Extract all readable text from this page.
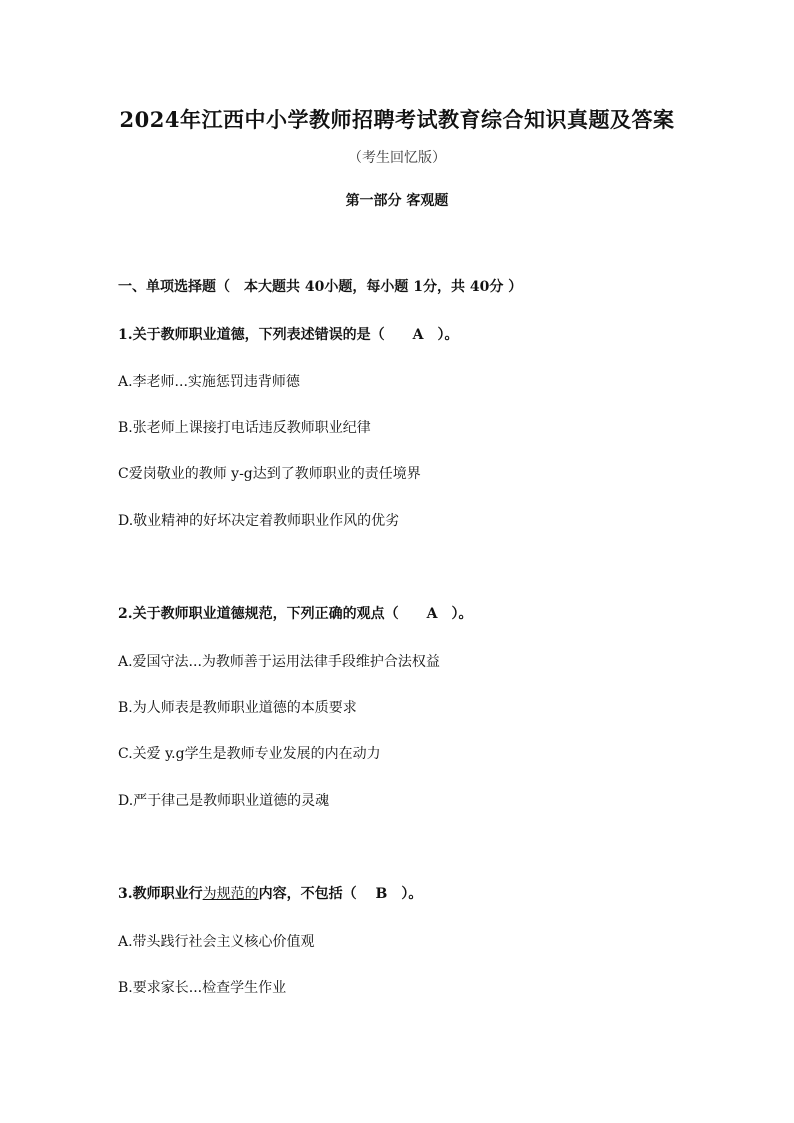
2024年江西中小学教师招聘考试教育综合知识真题及答案
（考生回忆版）
第一部分 客观题
一、单项选择题（　本大题共 40小题，每小题 1分，共 40分 ）
1.关于教师职业道德，下列表述错误的是（　　A　）。
A.李老师...实施惩罚违背师德
B.张老师上课接打电话违反教师职业纪律
C爱岗敬业的教师 y-g达到了教师职业的责任境界
D.敬业精神的好坏决定着教师职业作风的优劣
2.关于教师职业道德规范，下列正确的观点（　　A　）。
A.爱国守法...为教师善于运用法律手段维护合法权益
B.为人师表是教师职业道德的本质要求
C.关爱 y.g学生是教师专业发展的内在动力
D.严于律己是教师职业道德的灵魂
3.教师职业行为规范的内容，不包括（　 B　）。
A.带头践行社会主义核心价值观
B.要求家长...检查学生作业
